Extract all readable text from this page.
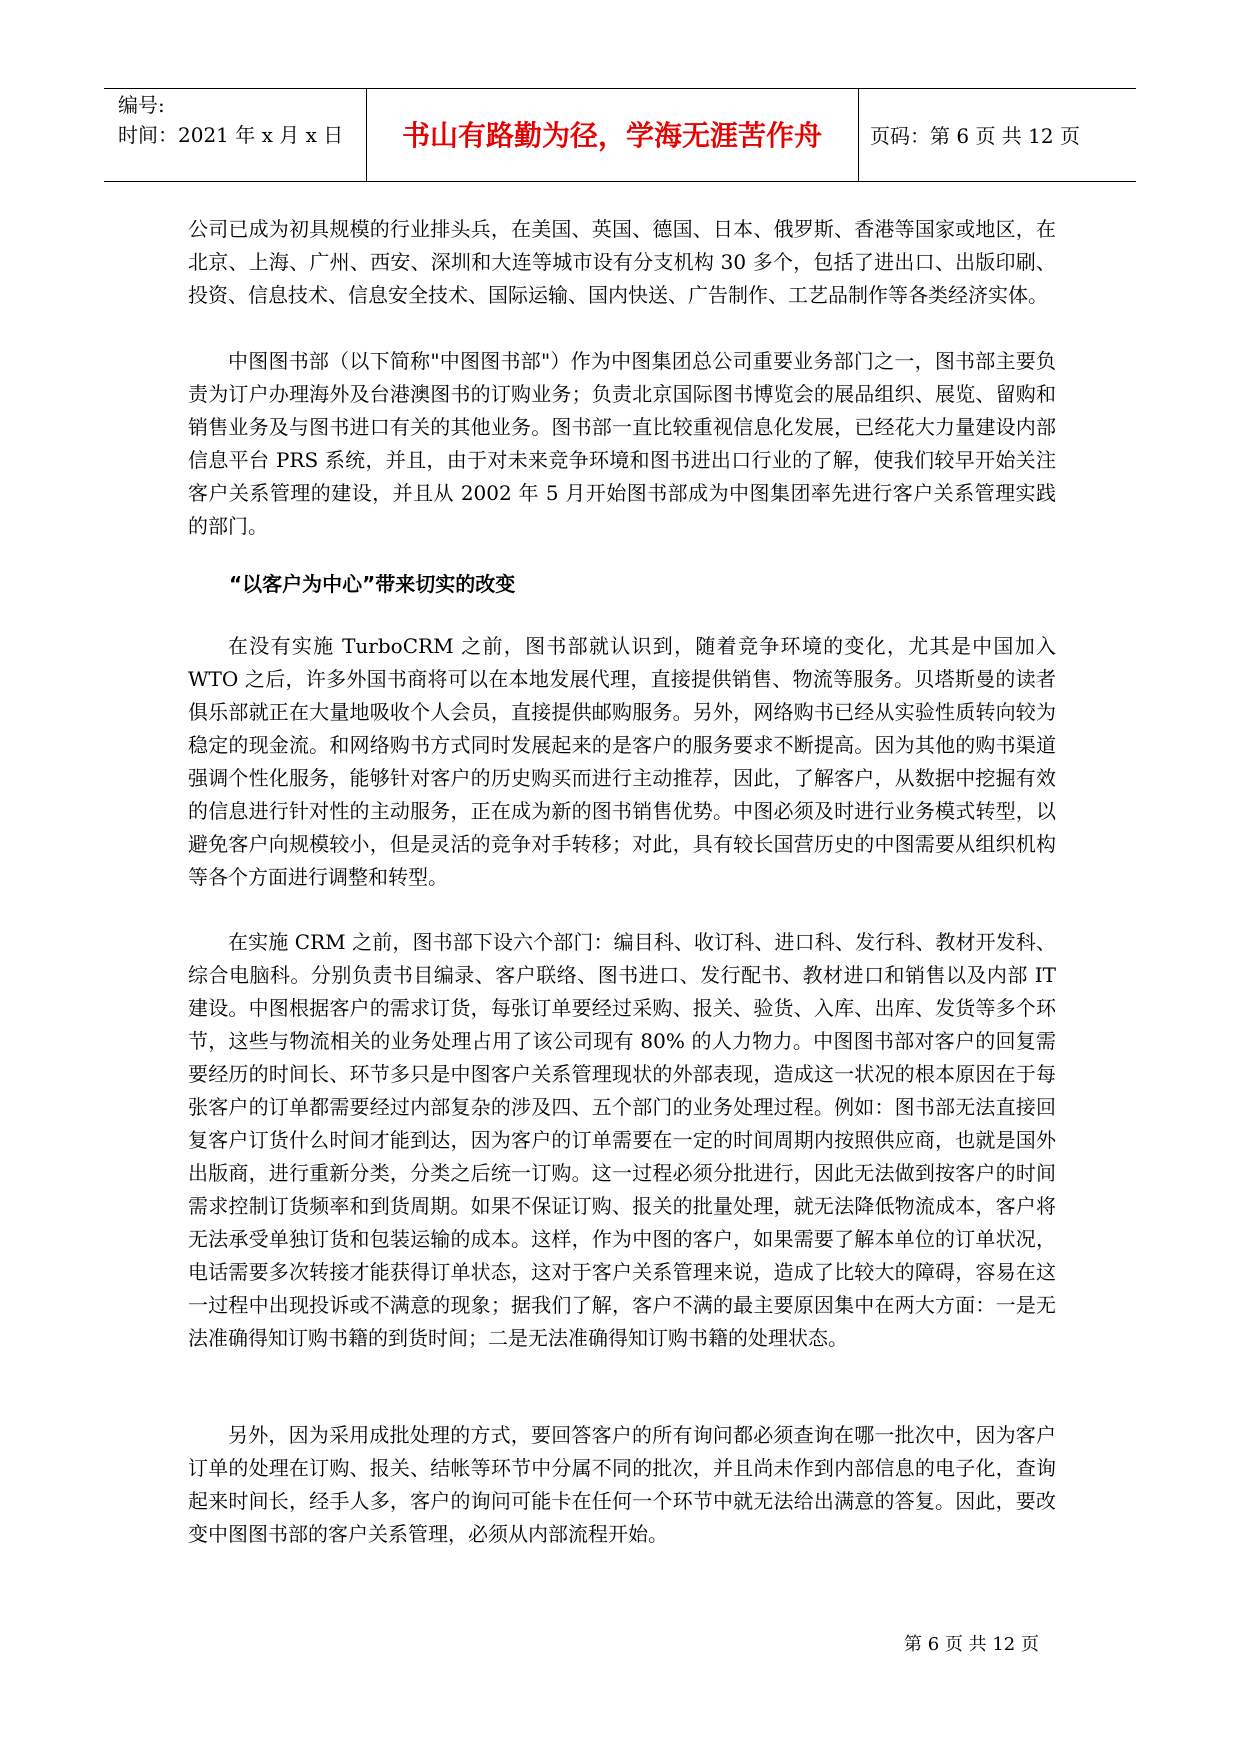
编号:
时间：2021 年 x 月 x 日	书山有路勤为径，学海无涯苦作舟	页码：第 6 页 共 12 页

公司已成为初具规模的行业排头兵，在美国、英国、德国、日本、俄罗斯、香港等国家或地区，在北京、上海、广州、西安、深圳和大连等城市设有分支机构 30 多个，包括了进出口、出版印刷、投资、信息技术、信息安全技术、国际运输、国内快送、广告制作、工艺品制作等各类经济实体。

中图图书部（以下简称"中图图书部"）作为中图集团总公司重要业务部门之一，图书部主要负责为订户办理海外及台港澳图书的订购业务；负责北京国际图书博览会的展品组织、展览、留购和销售业务及与图书进口有关的其他业务。图书部一直比较重视信息化发展，已经花大力量建设内部信息平台 PRS 系统，并且，由于对未来竞争环境和图书进出口行业的了解，使我们较早开始关注客户关系管理的建设，并且从 2002 年 5 月开始图书部成为中图集团率先进行客户关系管理实践的部门。

“以客户为中心”带来切实的改变

在没有实施 TurboCRM 之前，图书部就认识到，随着竞争环境的变化，尤其是中国加入 WTO 之后，许多外国书商将可以在本地发展代理，直接提供销售、物流等服务。贝塔斯曼的读者俱乐部就正在大量地吸收个人会员，直接提供邮购服务。另外，网络购书已经从实验性质转向较为稳定的现金流。和网络购书方式同时发展起来的是客户的服务要求不断提高。因为其他的购书渠道强调个性化服务，能够针对客户的历史购买而进行主动推荐，因此，了解客户，从数据中挖掘有效的信息进行针对性的主动服务，正在成为新的图书销售优势。中图必须及时进行业务模式转型，以避免客户向规模较小，但是灵活的竞争对手转移；对此，具有较长国营历史的中图需要从组织机构等各个方面进行调整和转型。

在实施 CRM 之前，图书部下设六个部门：编目科、收订科、进口科、发行科、教材开发科、综合电脑科。分别负责书目编录、客户联络、图书进口、发行配书、教材进口和销售以及内部 IT 建设。中图根据客户的需求订货，每张订单要经过采购、报关、验货、入库、出库、发货等多个环节，这些与物流相关的业务处理占用了该公司现有 80% 的人力物力。中图图书部对客户的回复需要经历的时间长、环节多只是中图客户关系管理现状的外部表现，造成这一状况的根本原因在于每张客户的订单都需要经过内部复杂的涉及四、五个部门的业务处理过程。例如：图书部无法直接回复客户订货什么时间才能到达，因为客户的订单需要在一定的时间周期内按照供应商，也就是国外出版商，进行重新分类，分类之后统一订购。这一过程必须分批进行，因此无法做到按客户的时间需求控制订货频率和到货周期。如果不保证订购、报关的批量处理，就无法降低物流成本，客户将无法承受单独订货和包装运输的成本。这样，作为中图的客户，如果需要了解本单位的订单状况，电话需要多次转接才能获得订单状态，这对于客户关系管理来说，造成了比较大的障碍，容易在这一过程中出现投诉或不满意的现象；据我们了解，客户不满的最主要原因集中在两大方面：一是无法准确得知订购书籍的到货时间；二是无法准确得知订购书籍的处理状态。

另外，因为采用成批处理的方式，要回答客户的所有询问都必须查询在哪一批次中，因为客户订单的处理在订购、报关、结帐等环节中分属不同的批次，并且尚未作到内部信息的电子化，查询起来时间长，经手人多，客户的询问可能卡在任何一个环节中就无法给出满意的答复。因此，要改变中图图书部的客户关系管理，必须从内部流程开始。

第 6 页 共 12 页
